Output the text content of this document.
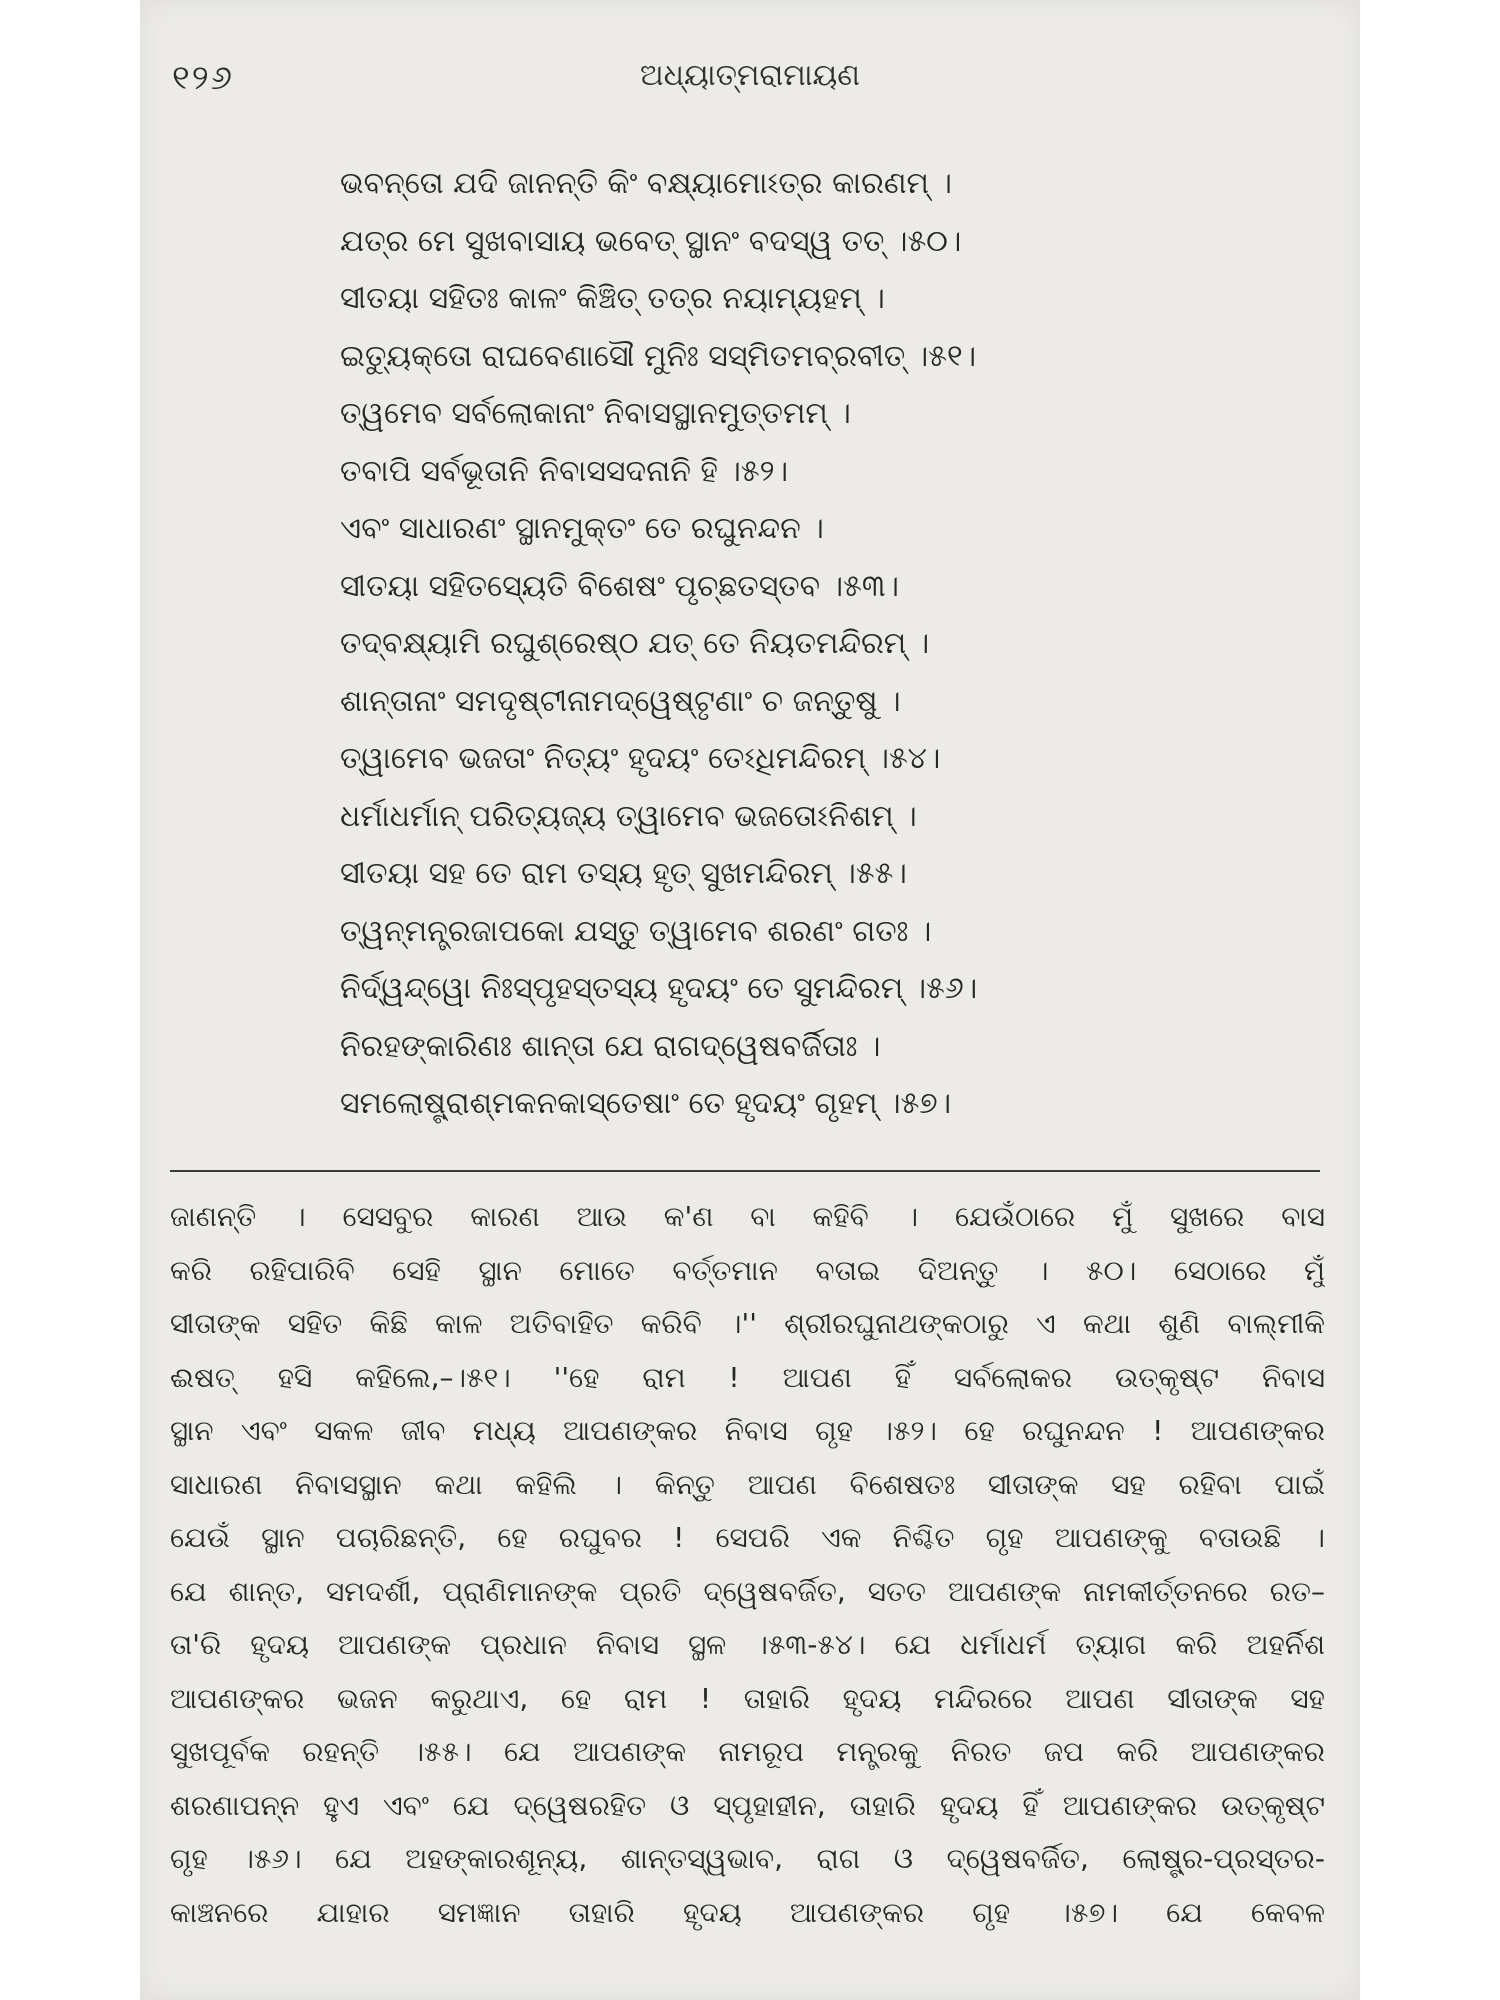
୧୨୬	ଅଧ୍ୟାତ୍ମରାମାୟଣ
ଭବନ୍ତୋ ଯଦି ଜାନନ୍ତି କିଂ ବକ୍ଷ୍ୟାମୋଽତ୍ର କାରଣମ୍ ।
ଯତ୍ର ମେ ସୁଖବାସାୟ ଭବେତ୍ ସ୍ଥାନଂ ବଦସ୍ୱ ତତ୍ ।୫୦।
ସୀତୟା ସହିତଃ କାଳଂ କିଞ୍ଚିତ୍ ତତ୍ର ନୟାମ୍ୟହମ୍ ।
ଇତ୍ୟୁକ୍ତୋ ରାଘବେଣାସୌ ମୁନିଃ ସସ୍ମିତମବ୍ରବୀତ୍ ।୫୧।
ତ୍ୱମେବ ସର୍ବଲୋକାନାଂ ନିବାସସ୍ଥାନମୁତ୍ତମମ୍ ।
ତବାପି ସର୍ବଭୂତାନି ନିବାସସଦନାନି ହି ।୫୨।
ଏବଂ ସାଧାରଣଂ ସ୍ଥାନମୁକ୍ତଂ ତେ ରଘୁନନ୍ଦନ ।
ସୀତୟା ସହିତସ୍ୟେତି ବିଶେଷଂ ପୃଚ୍ଛତସ୍ତବ ।୫୩।
ତଦ୍‌ବକ୍ଷ୍ୟାମି ରଘୁଶ୍ରେଷ୍ଠ ଯତ୍ ତେ ନିୟତମନ୍ଦିରମ୍ ।
ଶାନ୍ତାନାଂ ସମଦୃଷ୍ଟୀନାମଦ୍ୱେଷ୍ଟୃଣାଂ ଚ ଜନ୍ତୁଷୁ ।
ତ୍ୱାମେବ ଭଜତାଂ ନିତ୍ୟଂ ହୃଦୟଂ ତେଽଧିମନ୍ଦିରମ୍ ।୫୪।
ଧର୍ମାଧର୍ମାନ୍ ପରିତ୍ୟଜ୍ୟ ତ୍ୱାମେବ ଭଜତୋଽନିଶମ୍ ।
ସୀତୟା ସହ ତେ ରାମ ତସ୍ୟ ହୃତ୍ ସୁଖମନ୍ଦିରମ୍ ।୫୫।
ତ୍ୱନ୍ମନ୍ତ୍ରଜାପକୋ ଯସ୍ତୁ ତ୍ୱାମେବ ଶରଣଂ ଗତଃ ।
ନିର୍ଦ୍ୱନ୍ଦ୍ୱୋ ନିଃସ୍ପୃହସ୍ତସ୍ୟ ହୃଦୟଂ ତେ ସୁମନ୍ଦିରମ୍ ।୫୬।
ନିରହଙ୍କାରିଣଃ ଶାନ୍ତା ଯେ ରାଗଦ୍ୱେଷବର୍ଜିତାଃ ।
ସମଲୋଷ୍ଟ୍ରାଶ୍ମକନକାସ୍ତେଷାଂ ତେ ହୃଦୟଂ ଗୃହମ୍ ।୫୭।
ଜାଣନ୍ତି । ସେସବୁର କାରଣ ଆଉ କ'ଣ ବା କହିବି । ଯେଉଁଠାରେ ମୁଁ ସୁଖରେ ବାସ
କରି ରହିପାରିବି ସେହି ସ୍ଥାନ ମୋତେ ବର୍ତ୍ତମାନ ବତାଇ ଦିଅନ୍ତୁ । ୫୦। ସେଠାରେ ମୁଁ
ସୀତାଙ୍କ ସହିତ କିଛି କାଳ ଅତିବାହିତ କରିବି ।'' ଶ୍ରୀରଘୁନାଥଙ୍କଠାରୁ ଏ କଥା ଶୁଣି ବାଲ୍ମୀକି
ଈଷତ୍ ହସି କହିଲେ,–।୫୧। ''ହେ ରାମ ! ଆପଣ ହିଁ ସର୍ବଲୋକର ଉତ୍କୃଷ୍ଟ ନିବାସ
ସ୍ଥାନ ଏବଂ ସକଳ ଜୀବ ମଧ୍ୟ ଆପଣଙ୍କର ନିବାସ ଗୃହ ।୫୨। ହେ ରଘୁନନ୍ଦନ ! ଆପଣଙ୍କର
ସାଧାରଣ ନିବାସସ୍ଥାନ କଥା କହିଲି । କିନ୍ତୁ ଆପଣ ବିଶେଷତଃ ସୀତାଙ୍କ ସହ ରହିବା ପାଇଁ
ଯେଉଁ ସ୍ଥାନ ପଚାରିଛନ୍ତି, ହେ ରଘୁବର ! ସେପରି ଏକ ନିଶ୍ଚିତ ଗୃହ ଆପଣଙ୍କୁ ବତାଉଛି ।
ଯେ ଶାନ୍ତ, ସମଦର୍ଶୀ, ପ୍ରାଣିମାନଙ୍କ ପ୍ରତି ଦ୍ୱେଷବର୍ଜିତ, ସତତ ଆପଣଙ୍କ ନାମକୀର୍ତ୍ତନରେ ରତ–
ତା'ରି ହୃଦୟ ଆପଣଙ୍କ ପ୍ରଧାନ ନିବାସ ସ୍ଥଳ ।୫୩-୫୪। ଯେ ଧର୍ମାଧର୍ମ ତ୍ୟାଗ କରି ଅହର୍ନିଶ
ଆପଣଙ୍କର ଭଜନ କରୁଥାଏ, ହେ ରାମ ! ତାହାରି ହୃଦୟ ମନ୍ଦିରରେ ଆପଣ ସୀତାଙ୍କ ସହ
ସୁଖପୂର୍ବକ ରହନ୍ତି ।୫୫। ଯେ ଆପଣଙ୍କ ନାମରୂପ ମନ୍ତ୍ରକୁ ନିରତ ଜପ କରି ଆପଣଙ୍କର
ଶରଣାପନ୍ନ ହୁଏ ଏବଂ ଯେ ଦ୍ୱେଷରହିତ ଓ ସ୍ପୃହାହୀନ, ତାହାରି ହୃଦୟ ହିଁ ଆପଣଙ୍କର ଉତ୍କୃଷ୍ଟ
ଗୃହ ।୫୬। ଯେ ଅହଙ୍କାରଶୂନ୍ୟ, ଶାନ୍ତସ୍ୱଭାବ, ରାଗ ଓ ଦ୍ୱେଷବର୍ଜିତ, ଲୋଷ୍ଟ୍ର-ପ୍ରସ୍ତର-
କାଞ୍ଚନରେ ଯାହାର ସମଜ୍ଞାନ ତାହାରି ହୃଦୟ ଆପଣଙ୍କର ଗୃହ ।୫୭। ଯେ କେବଳ
